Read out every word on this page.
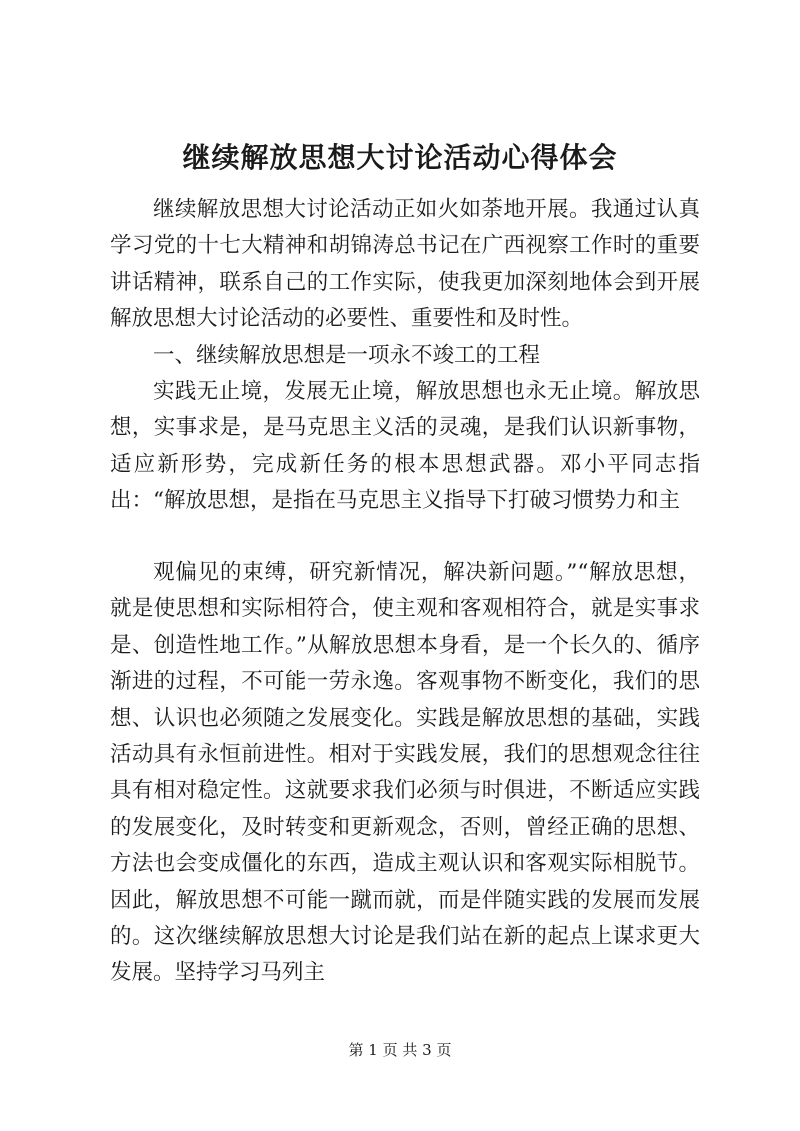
继续解放思想大讨论活动心得体会

继续解放思想大讨论活动正如火如荼地开展。我通过认真学习党的十七大精神和胡锦涛总书记在广西视察工作时的重要讲话精神，联系自己的工作实际，使我更加深刻地体会到开展解放思想大讨论活动的必要性、重要性和及时性。

一、继续解放思想是一项永不竣工的工程

实践无止境，发展无止境，解放思想也永无止境。解放思想，实事求是，是马克思主义活的灵魂，是我们认识新事物，适应新形势，完成新任务的根本思想武器。邓小平同志指出：“解放思想，是指在马克思主义指导下打破习惯势力和主

观偏见的束缚，研究新情况，解决新问题。”“解放思想，就是使思想和实际相符合，使主观和客观相符合，就是实事求是、创造性地工作。”从解放思想本身看，是一个长久的、循序渐进的过程，不可能一劳永逸。客观事物不断变化，我们的思想、认识也必须随之发展变化。实践是解放思想的基础，实践活动具有永恒前进性。相对于实践发展，我们的思想观念往往具有相对稳定性。这就要求我们必须与时俱进，不断适应实践的发展变化，及时转变和更新观念，否则，曾经正确的思想、方法也会变成僵化的东西，造成主观认识和客观实际相脱节。因此，解放思想不可能一蹴而就，而是伴随实践的发展而发展的。这次继续解放思想大讨论是我们站在新的起点上谋求更大发展。坚持学习马列主

第 1 页 共 3 页
